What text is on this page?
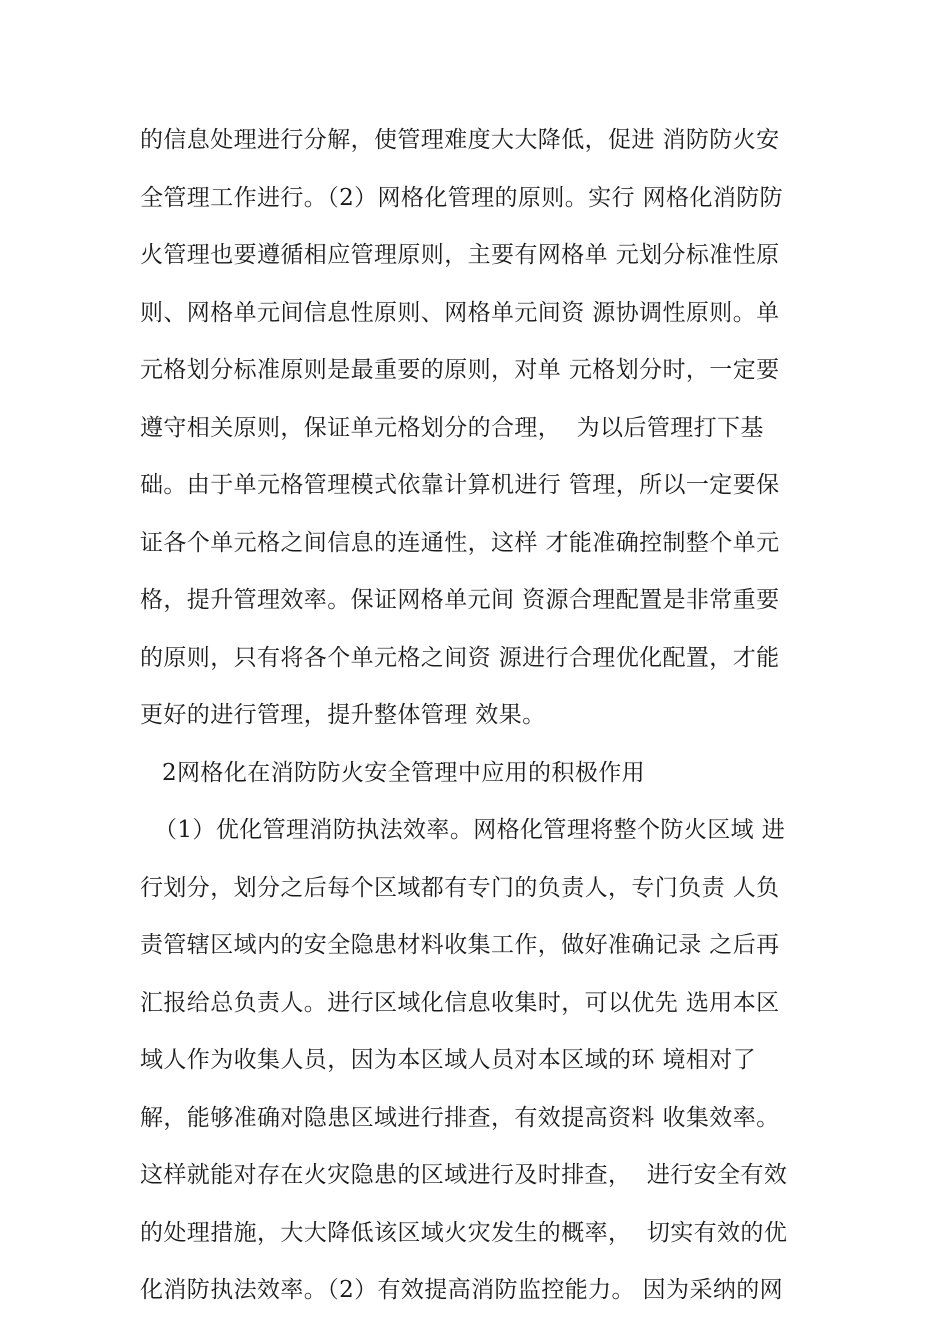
的信息处理进行分解，使管理难度大大降低，促进 消防防火安
全管理工作进行。（2）网格化管理的原则。实行 网格化消防防
火管理也要遵循相应管理原则，主要有网格单 元划分标准性原
则、网格单元间信息性原则、网格单元间资 源协调性原则。单
元格划分标准原则是最重要的原则，对单 元格划分时，一定要
遵守相关原则，保证单元格划分的合理，  为以后管理打下基
础。由于单元格管理模式依靠计算机进行 管理，所以一定要保
证各个单元格之间信息的连通性，这样 才能准确控制整个单元
格，提升管理效率。保证网格单元间 资源合理配置是非常重要
的原则，只有将各个单元格之间资 源进行合理优化配置，才能
更好的进行管理，提升整体管理 效果。
2网格化在消防防火安全管理中应用的积极作用
（1）优化管理消防执法效率。网格化管理将整个防火区域 进
行划分，划分之后每个区域都有专门的负责人，专门负责 人负
责管辖区域内的安全隐患材料收集工作，做好准确记录 之后再
汇报给总负责人。进行区域化信息收集时，可以优先 选用本区
域人作为收集人员，因为本区域人员对本区域的环 境相对了
解，能够准确对隐患区域进行排查，有效提高资料 收集效率。
这样就能对存在火灾隐患的区域进行及时排查，  进行安全有效
的处理措施，大大降低该区域火灾发生的概率，  切实有效的优
化消防执法效率。（2）有效提高消防监控能力。 因为采纳的网
